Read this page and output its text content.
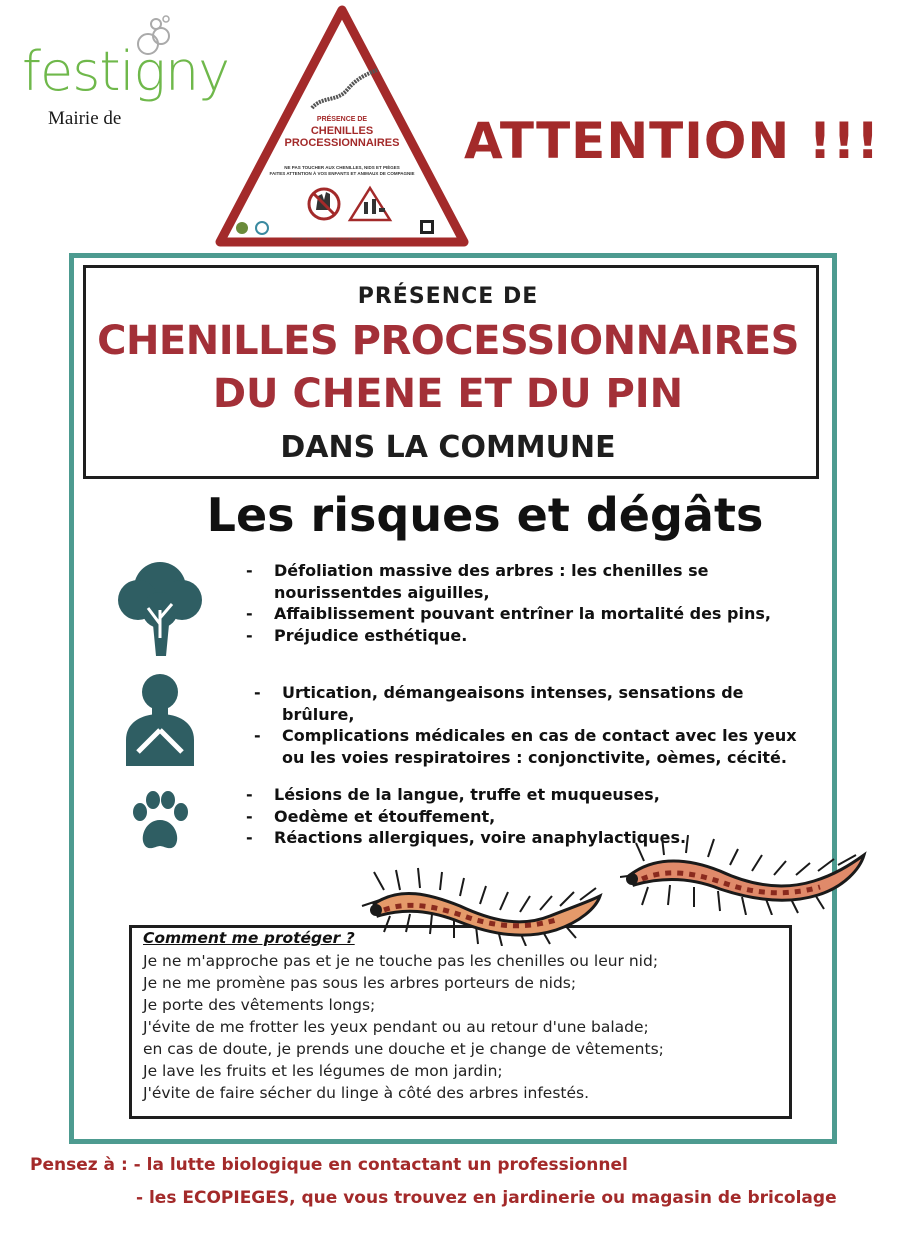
festigny
Mairie de	PRÉSENCE DE
CHENILLES
PROCESSIONNAIRES
NE PAS TOUCHER AUX CHENILLES, NIDS ET PIÈGES
FAITES ATTENTION À VOS ENFANTS ET ANIMAUX DE COMPAGNIE
Pour en savoir plus, rendez-vous sur chenille-risque.info
ATTENTION !!!
PRÉSENCE DE
CHENILLES PROCESSIONNAIRES
DU CHENE ET DU PIN
DANS LA COMMUNE
Les risques et dégâts
- Défoliation massive des arbres : les chenilles se nourissentdes aiguilles,
- Affaiblissement pouvant entrîner la mortalité des pins,
- Préjudice esthétique.
- Urtication, démangeaisons intenses, sensations de brûlure,
- Complications médicales en cas de contact avec les yeux ou les voies respiratoires : conjonctivite, oèmes, cécité.
- Lésions de la langue, truffe et muqueuses,
- Oedème et étouffement,
- Réactions allergiques, voire anaphylactiques.
Comment me protéger ?
Je ne m'approche pas et je ne touche pas les chenilles ou leur nid;
Je ne me promène pas sous les arbres porteurs de nids;
Je porte des vêtements longs;
J'évite de me frotter les yeux pendant ou au retour d'une balade;
en cas de doute, je prends une douche et je change de vêtements;
Je lave les fruits et les légumes de mon jardin;
J'évite de faire sécher du linge à côté des arbres infestés.
Pensez à : - la lutte biologique en contactant un professionnel
- les ECOPIEGES, que vous trouvez en jardinerie ou magasin de bricolage
